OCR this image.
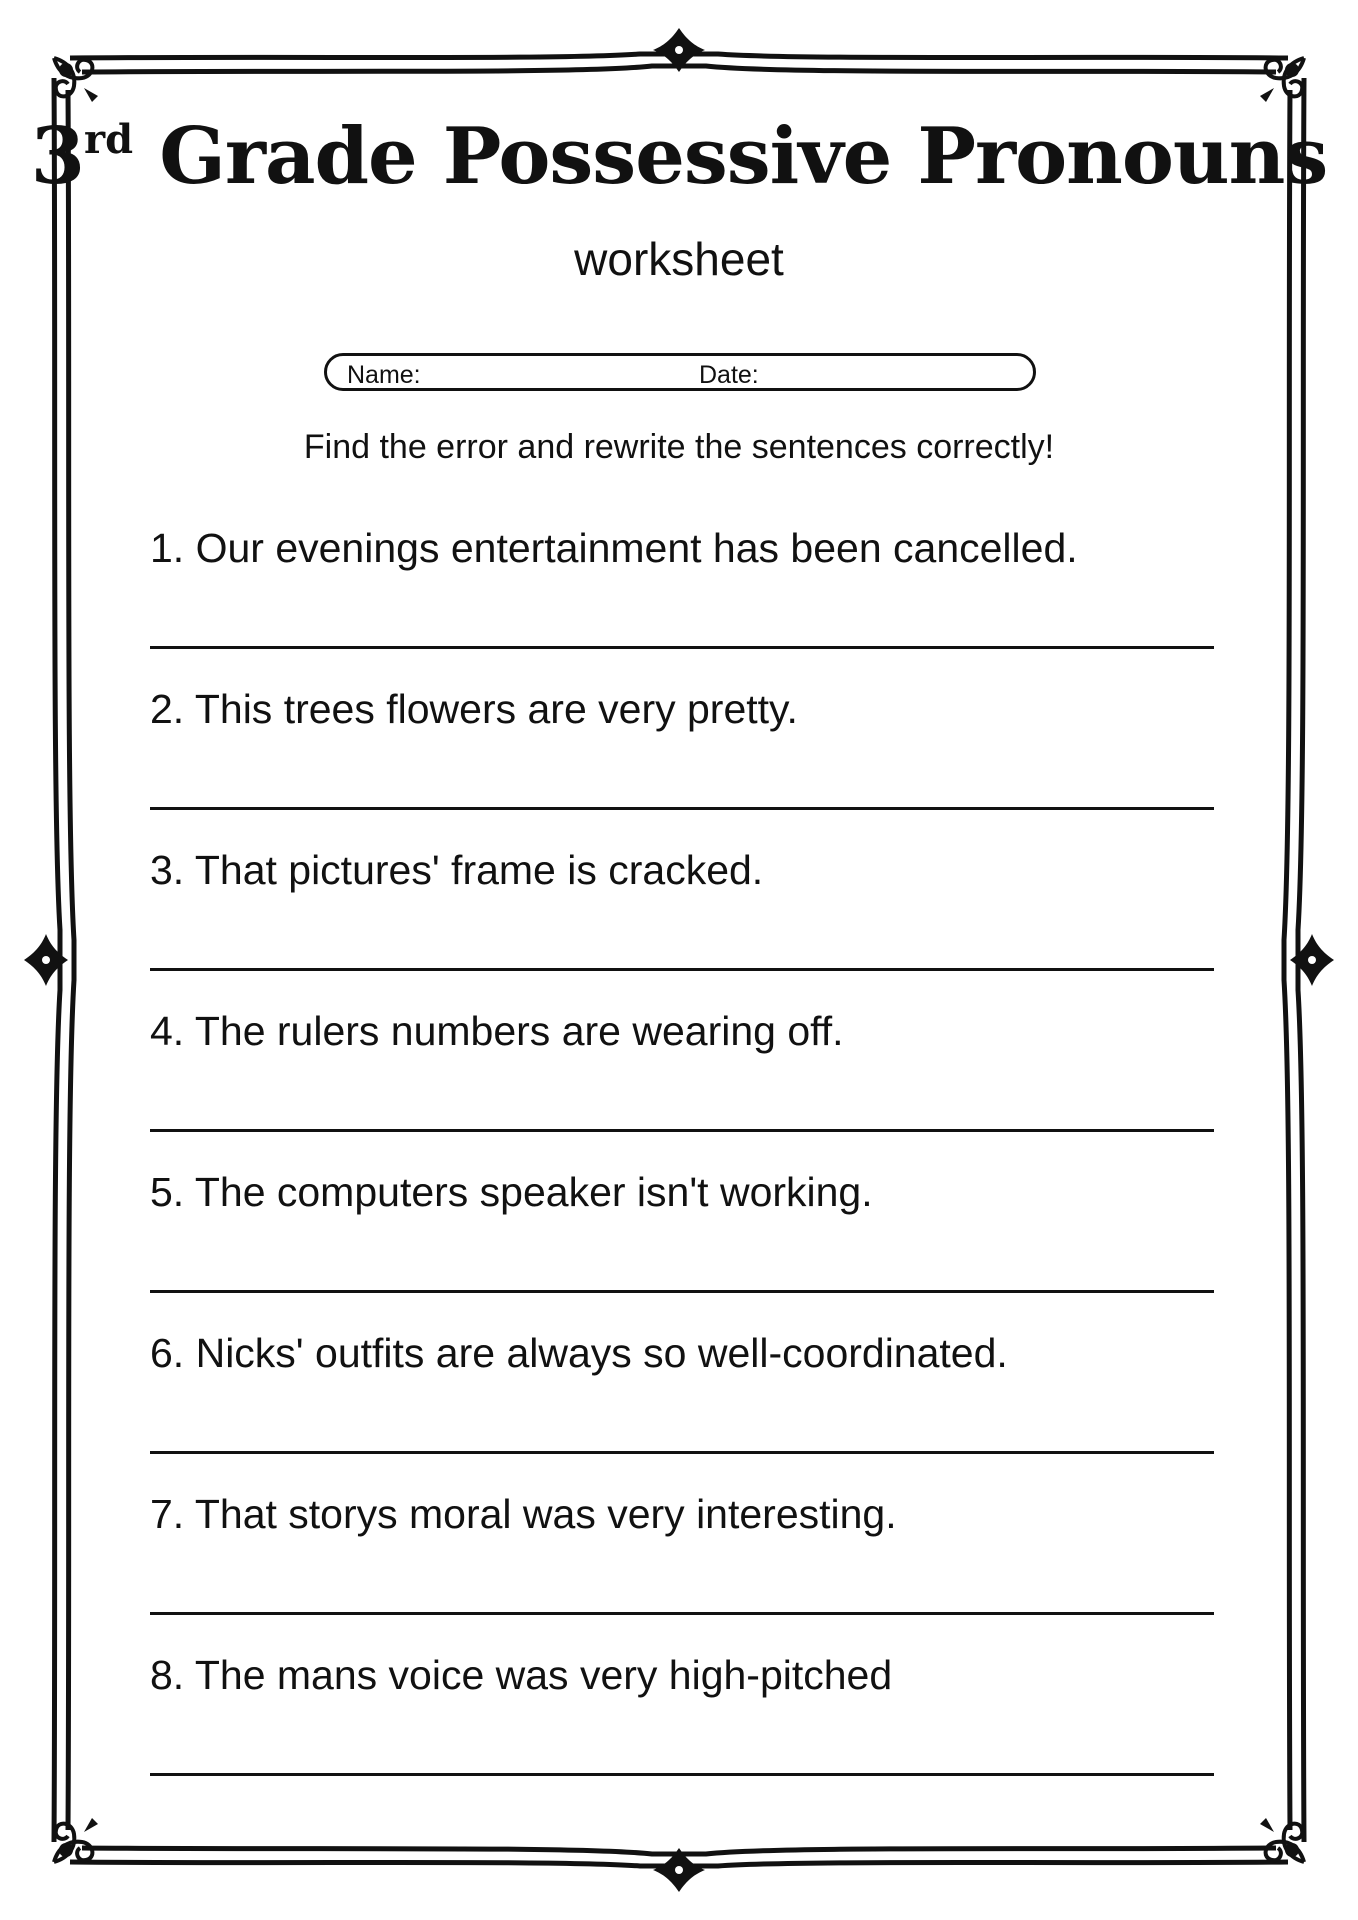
3rd Grade Possessive Pronouns
worksheet
Name:	Date:
Find the error and rewrite the sentences correctly!
1. Our evenings entertainment has been cancelled.
2. This trees flowers are very pretty.
3. That pictures' frame is cracked.
4. The rulers numbers are wearing off.
5. The computers speaker isn't working.
6. Nicks' outfits are always so well-coordinated.
7. That storys moral was very interesting.
8. The mans voice was very high-pitched
